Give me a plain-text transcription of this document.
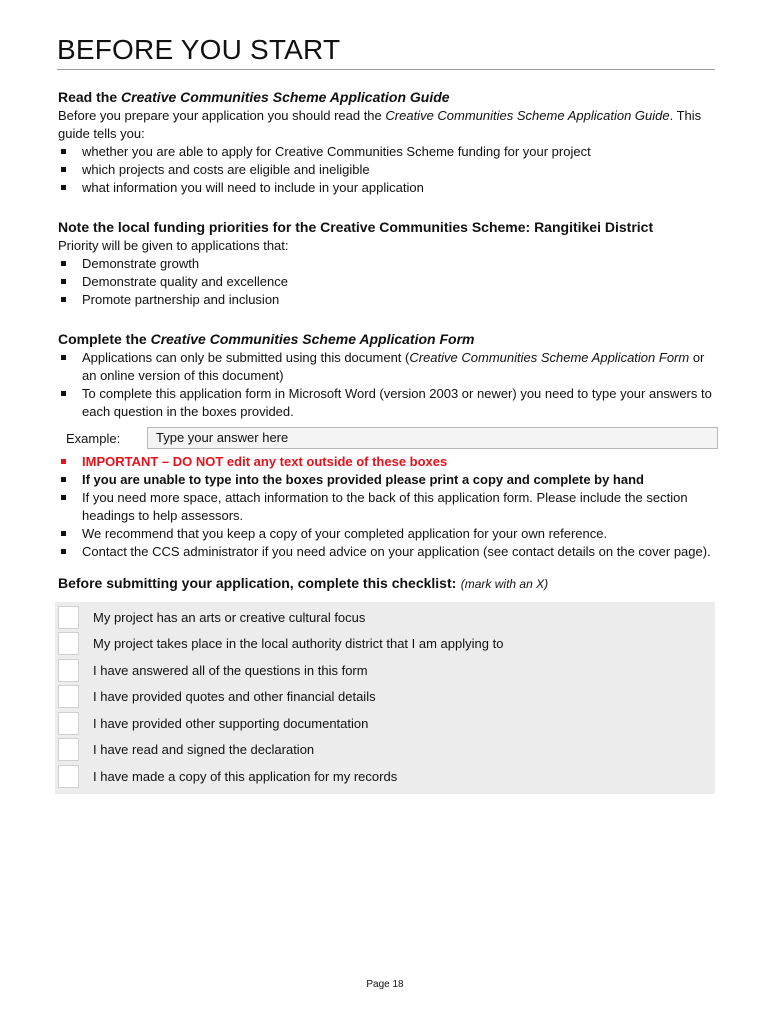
BEFORE YOU START
Read the Creative Communities Scheme Application Guide

Before you prepare your application you should read the Creative Communities Scheme Application Guide. This guide tells you:

whether you are able to apply for Creative Communities Scheme funding for your project
which projects and costs are eligible and ineligible
what information you will need to include in your application
Note the local funding priorities for the Creative Communities Scheme: Rangitikei District

Priority will be given to applications that:

Demonstrate growth
Demonstrate quality and excellence
Promote partnership and inclusion
Complete the Creative Communities Scheme Application Form
Applications can only be submitted using this document (Creative Communities Scheme Application Form or an online version of this document)
To complete this application form in Microsoft Word (version 2003 or newer) you need to type your answers to each question in the boxes provided.
Example:	Type your answer here
IMPORTANT – DO NOT edit any text outside of these boxes
If you are unable to type into the boxes provided please print a copy and complete by hand
If you need more space, attach information to the back of this application form. Please include the section headings to help assessors.
We recommend that you keep a copy of your completed application for your own reference.
Contact the CCS administrator if you need advice on your application (see contact details on the cover page).
Before submitting your application, complete this checklist: (mark with an X)
My project has an arts or creative cultural focus
My project takes place in the local authority district that I am applying to
I have answered all of the questions in this form
I have provided quotes and other financial details
I have provided other supporting documentation
I have read and signed the declaration
I have made a copy of this application for my records
Page 18
